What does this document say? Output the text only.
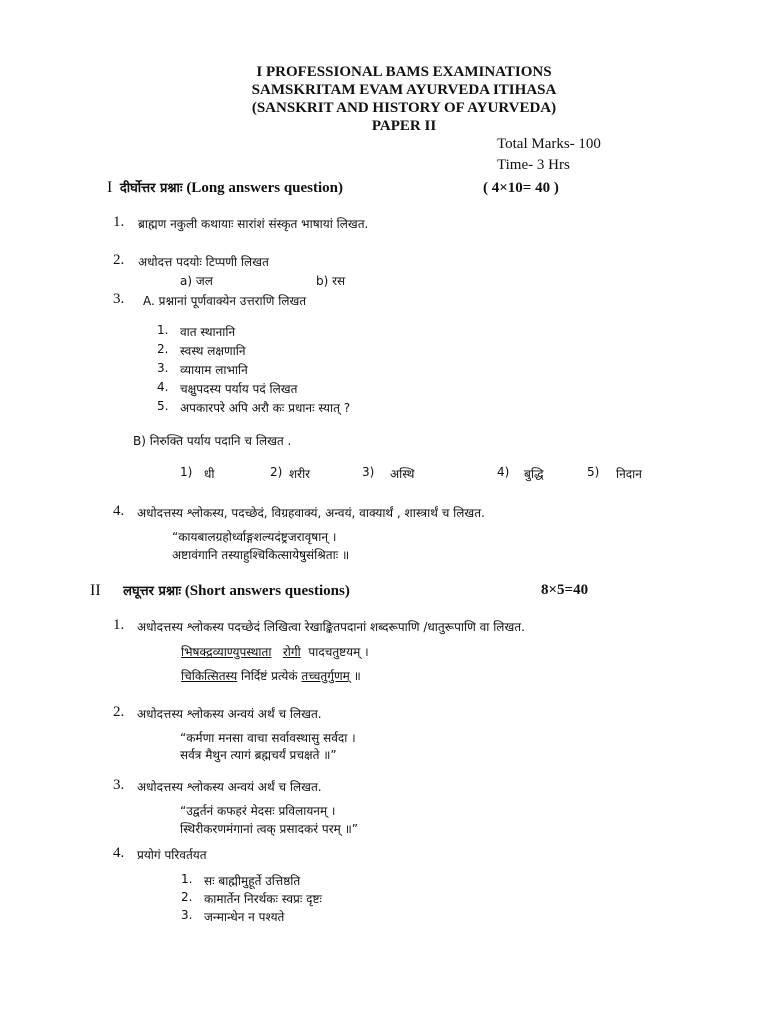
I PROFESSIONAL BAMS EXAMINATIONS
SAMSKRITAM EVAM AYURVEDA ITIHASA
(SANSKRIT AND HISTORY OF AYURVEDA)
PAPER II
Total Marks- 100
Time- 3 Hrs
I दीर्घोत्तर प्रश्नाः (Long answers question)	( 4×10= 40 )
1. ब्राह्मण नकुली कथायाः सारांशं संस्कृत भाषायां लिखत.
2. अधोदत्त पदयोः टिप्पणी लिखत
a) जल	b) रस
3. A. प्रश्नानां पूर्णवाक्येन उत्तराणि लिखत
1. वात स्थानानि
2. स्वस्थ लक्षणानि
3. व्यायाम लाभानि
4. चक्षुपदस्य पर्याय पदं लिखत
5. अपकारपरे अपि अरौ कः प्रधानः स्यात् ?
B) निरुक्ति पर्याय पदानि च लिखत .
1) धी	2) शरीर	3) अस्थि	4) बुद्धि	5) निदान
4. अधोदत्तस्य श्लोकस्य, पदच्छेदं, विग्रहवाक्यं, अन्वयं, वाक्यार्थं , शास्त्रार्थं च लिखत.
“कायबालग्रहोर्ध्वाङ्गशल्यदंष्ट्रजरावृषान् ।
अष्टावंगानि तस्याहुश्चिकित्सायेषुसंश्रिताः ॥
II लघूत्तर प्रश्नाः (Short answers questions)	8×5=40
1. अधोदत्तस्य श्लोकस्य पदच्छेदं लिखित्वा रेखाङ्कितपदानां शब्दरूपाणि /धातुरूपाणि वा लिखत.
भिषक्द्रव्याण्युपस्थाता रोगी पादचतुष्टयम् ।
चिकित्सितस्य निर्दिष्टं प्रत्येकं तच्चतुर्गुणम् ॥
2. अधोदत्तस्य श्लोकस्य अन्वयं अर्थं च लिखत.
“कर्मणा मनसा वाचा सर्वावस्थासु सर्वदा ।
सर्वत्र मैथुन त्यागं ब्रह्मचर्यं प्रचक्षते ॥”
3. अधोदत्तस्य श्लोकस्य अन्वयं अर्थं च लिखत.
“उद्वर्तनं कफहरं मेदसः प्रविलायनम् ।
स्थिरीकरणमंगानां त्वक् प्रसादकरं परम् ॥”
4. प्रयोगं परिवर्तयत
1. सः बाह्मीमुहूर्ते उत्तिष्ठति
2. कामार्तेन निरर्थकः स्वप्रः दृष्टः
3. जन्मान्धेन न पश्यते
